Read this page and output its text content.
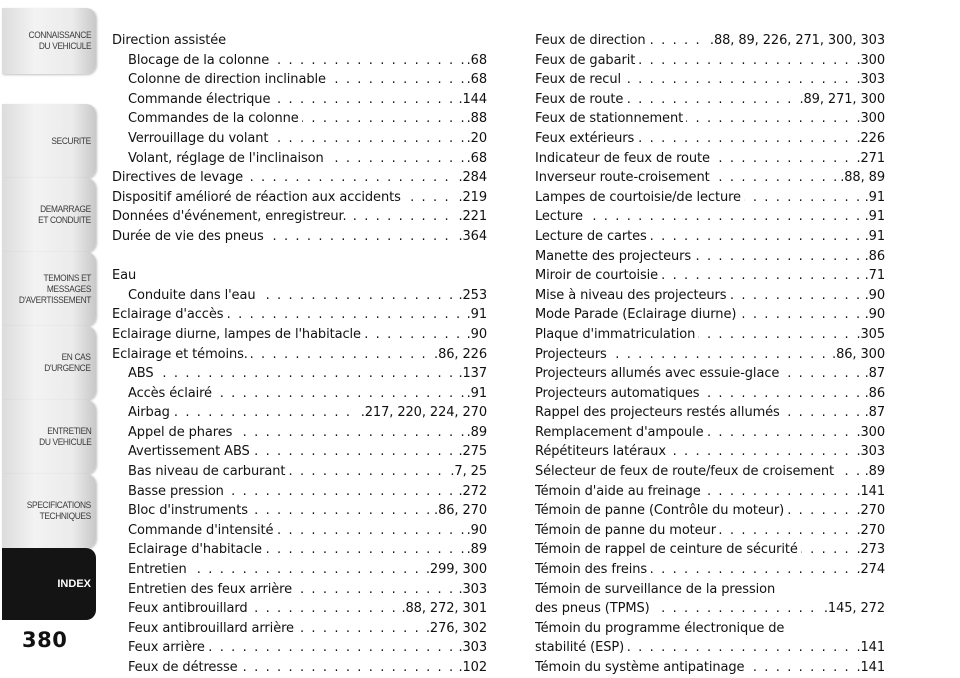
CONNAISSANCE
DU VEHICULE
SECURITE
DEMARRAGE
ET CONDUITE
TEMOINS ET
MESSAGES
D'AVERTISSEMENT
EN CAS
D'URGENCE
ENTRETIEN
DU VEHICULE
SPECIFICATIONS
TECHNIQUES
INDEX
380
Direction assistée
. . .
Blocage de la colonne	.68
. . .
Colonne de direction inclinable	.68
. . .
Commande électrique	.144
. . .
Commandes de la colonne	.88
. . .
Verrouillage du volant	.20
. . .
Volant, réglage de l'inclinaison	.68
. . .
Directives de levage	.284
. . .
Dispositif amélioré de réaction aux accidents	.219
. . .
Données d'événement, enregistreur.	.221
. . .
Durée de vie des pneus	.364
Eau
. . .
Conduite dans l'eau	.253
. . .
Eclairage d'accès	.91
. . .
Eclairage diurne, lampes de l'habitacle	.90
. . .
Eclairage et témoins.	.86, 226
. . .
ABS	.137
. . .
Accès éclairé	.91
. . .
Airbag	.217, 220, 224, 270
. . .
Appel de phares	.89
. . .
Avertissement ABS	.275
. . .
Bas niveau de carburant	.7, 25
. . .
Basse pression	.272
. . .
Bloc d'instruments	.86, 270
. . .
Commande d'intensité	.90
. . .
Eclairage d'habitacle	.89
. . .
Entretien	.299, 300
. . .
Entretien des feux arrière	.303
. . .
Feux antibrouillard	.88, 272, 301
. . .
Feux antibrouillard arrière	.276, 302
. . .
Feux arrière	.303
. . .
Feux de détresse	.102
. . .
Feux de direction	.88, 89, 226, 271, 300, 303
. . .
Feux de gabarit	.300
. . .
Feux de recul	.303
. . .
Feux de route	.89, 271, 300
. . .
Feux de stationnement	.300
. . .
Feux extérieurs	.226
. . .
Indicateur de feux de route	.271
. . .
Inverseur route-croisement	.88, 89
. . .
Lampes de courtoisie/de lecture	.91
. . .
Lecture	.91
. . .
Lecture de cartes	.91
. . .
Manette des projecteurs	.86
. . .
Miroir de courtoisie	.71
. . .
Mise à niveau des projecteurs	.90
. . .
Mode Parade (Eclairage diurne)	.90
. . .
Plaque d'immatriculation	.305
. . .
Projecteurs	.86, 300
. . .
Projecteurs allumés avec essuie-glace	.87
. . .
Projecteurs automatiques	.86
. . .
Rappel des projecteurs restés allumés	.87
. . .
Remplacement d'ampoule	.300
. . .
Répétiteurs latéraux	.303
. . .
Sélecteur de feux de route/feux de croisement .89
. . .
Témoin d'aide au freinage	.141
. . .
Témoin de panne (Contrôle du moteur)	.270
. . .
Témoin de panne du moteur	.270
. . .
Témoin de rappel de ceinture de sécurité	.273
. . .
Témoin des freins	.274
Témoin de surveillance de la pression
. . .
des pneus (TPMS)	.145, 272
Témoin du programme électronique de
. . .
stabilité (ESP)	.141
. . .
Témoin du système antipatinage	.141
